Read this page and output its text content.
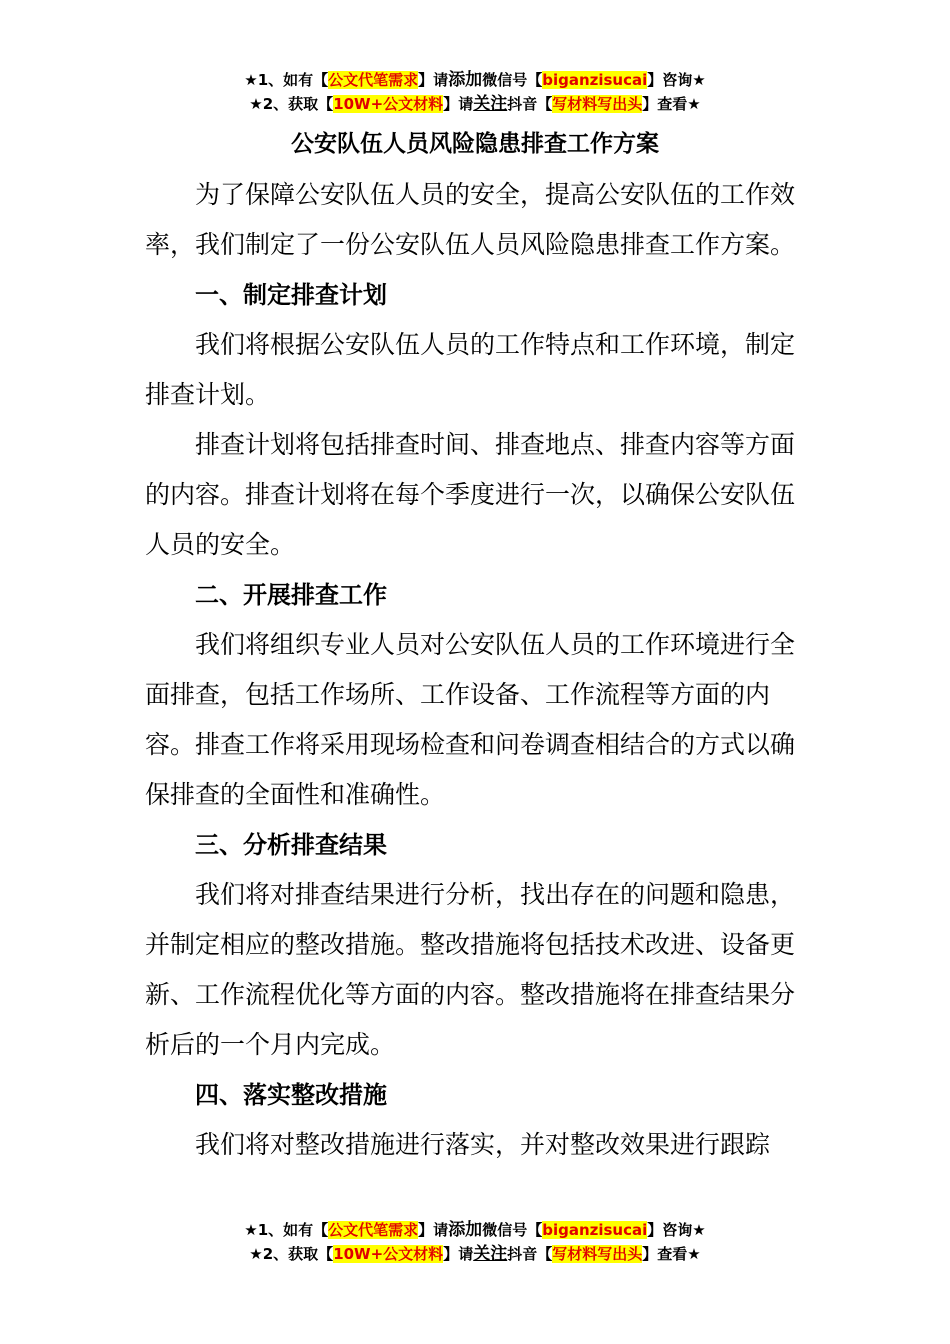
★1、如有【公文代笔需求】请添加微信号【biganzisucai】咨询★
★2、获取【10W+公文材料】请关注抖音【写材料写出头】查看★
公安队伍人员风险隐患排查工作方案

为了保障公安队伍人员的安全，提高公安队伍的工作效率，我们制定了一份公安队伍人员风险隐患排查工作方案。

一、制定排查计划

我们将根据公安队伍人员的工作特点和工作环境，制定排查计划。

排查计划将包括排查时间、排查地点、排查内容等方面的内容。排查计划将在每个季度进行一次，以确保公安队伍人员的安全。

二、开展排查工作

我们将组织专业人员对公安队伍人员的工作环境进行全面排查，包括工作场所、工作设备、工作流程等方面的内容。排查工作将采用现场检查和问卷调查相结合的方式以确保排查的全面性和准确性。

三、分析排查结果

我们将对排查结果进行分析，找出存在的问题和隐患，并制定相应的整改措施。整改措施将包括技术改进、设备更新、工作流程优化等方面的内容。整改措施将在排查结果分析后的一个月内完成。

四、落实整改措施

我们将对整改措施进行落实，并对整改效果进行跟踪

★1、如有【公文代笔需求】请添加微信号【biganzisucai】咨询★
★2、获取【10W+公文材料】请关注抖音【写材料写出头】查看★
